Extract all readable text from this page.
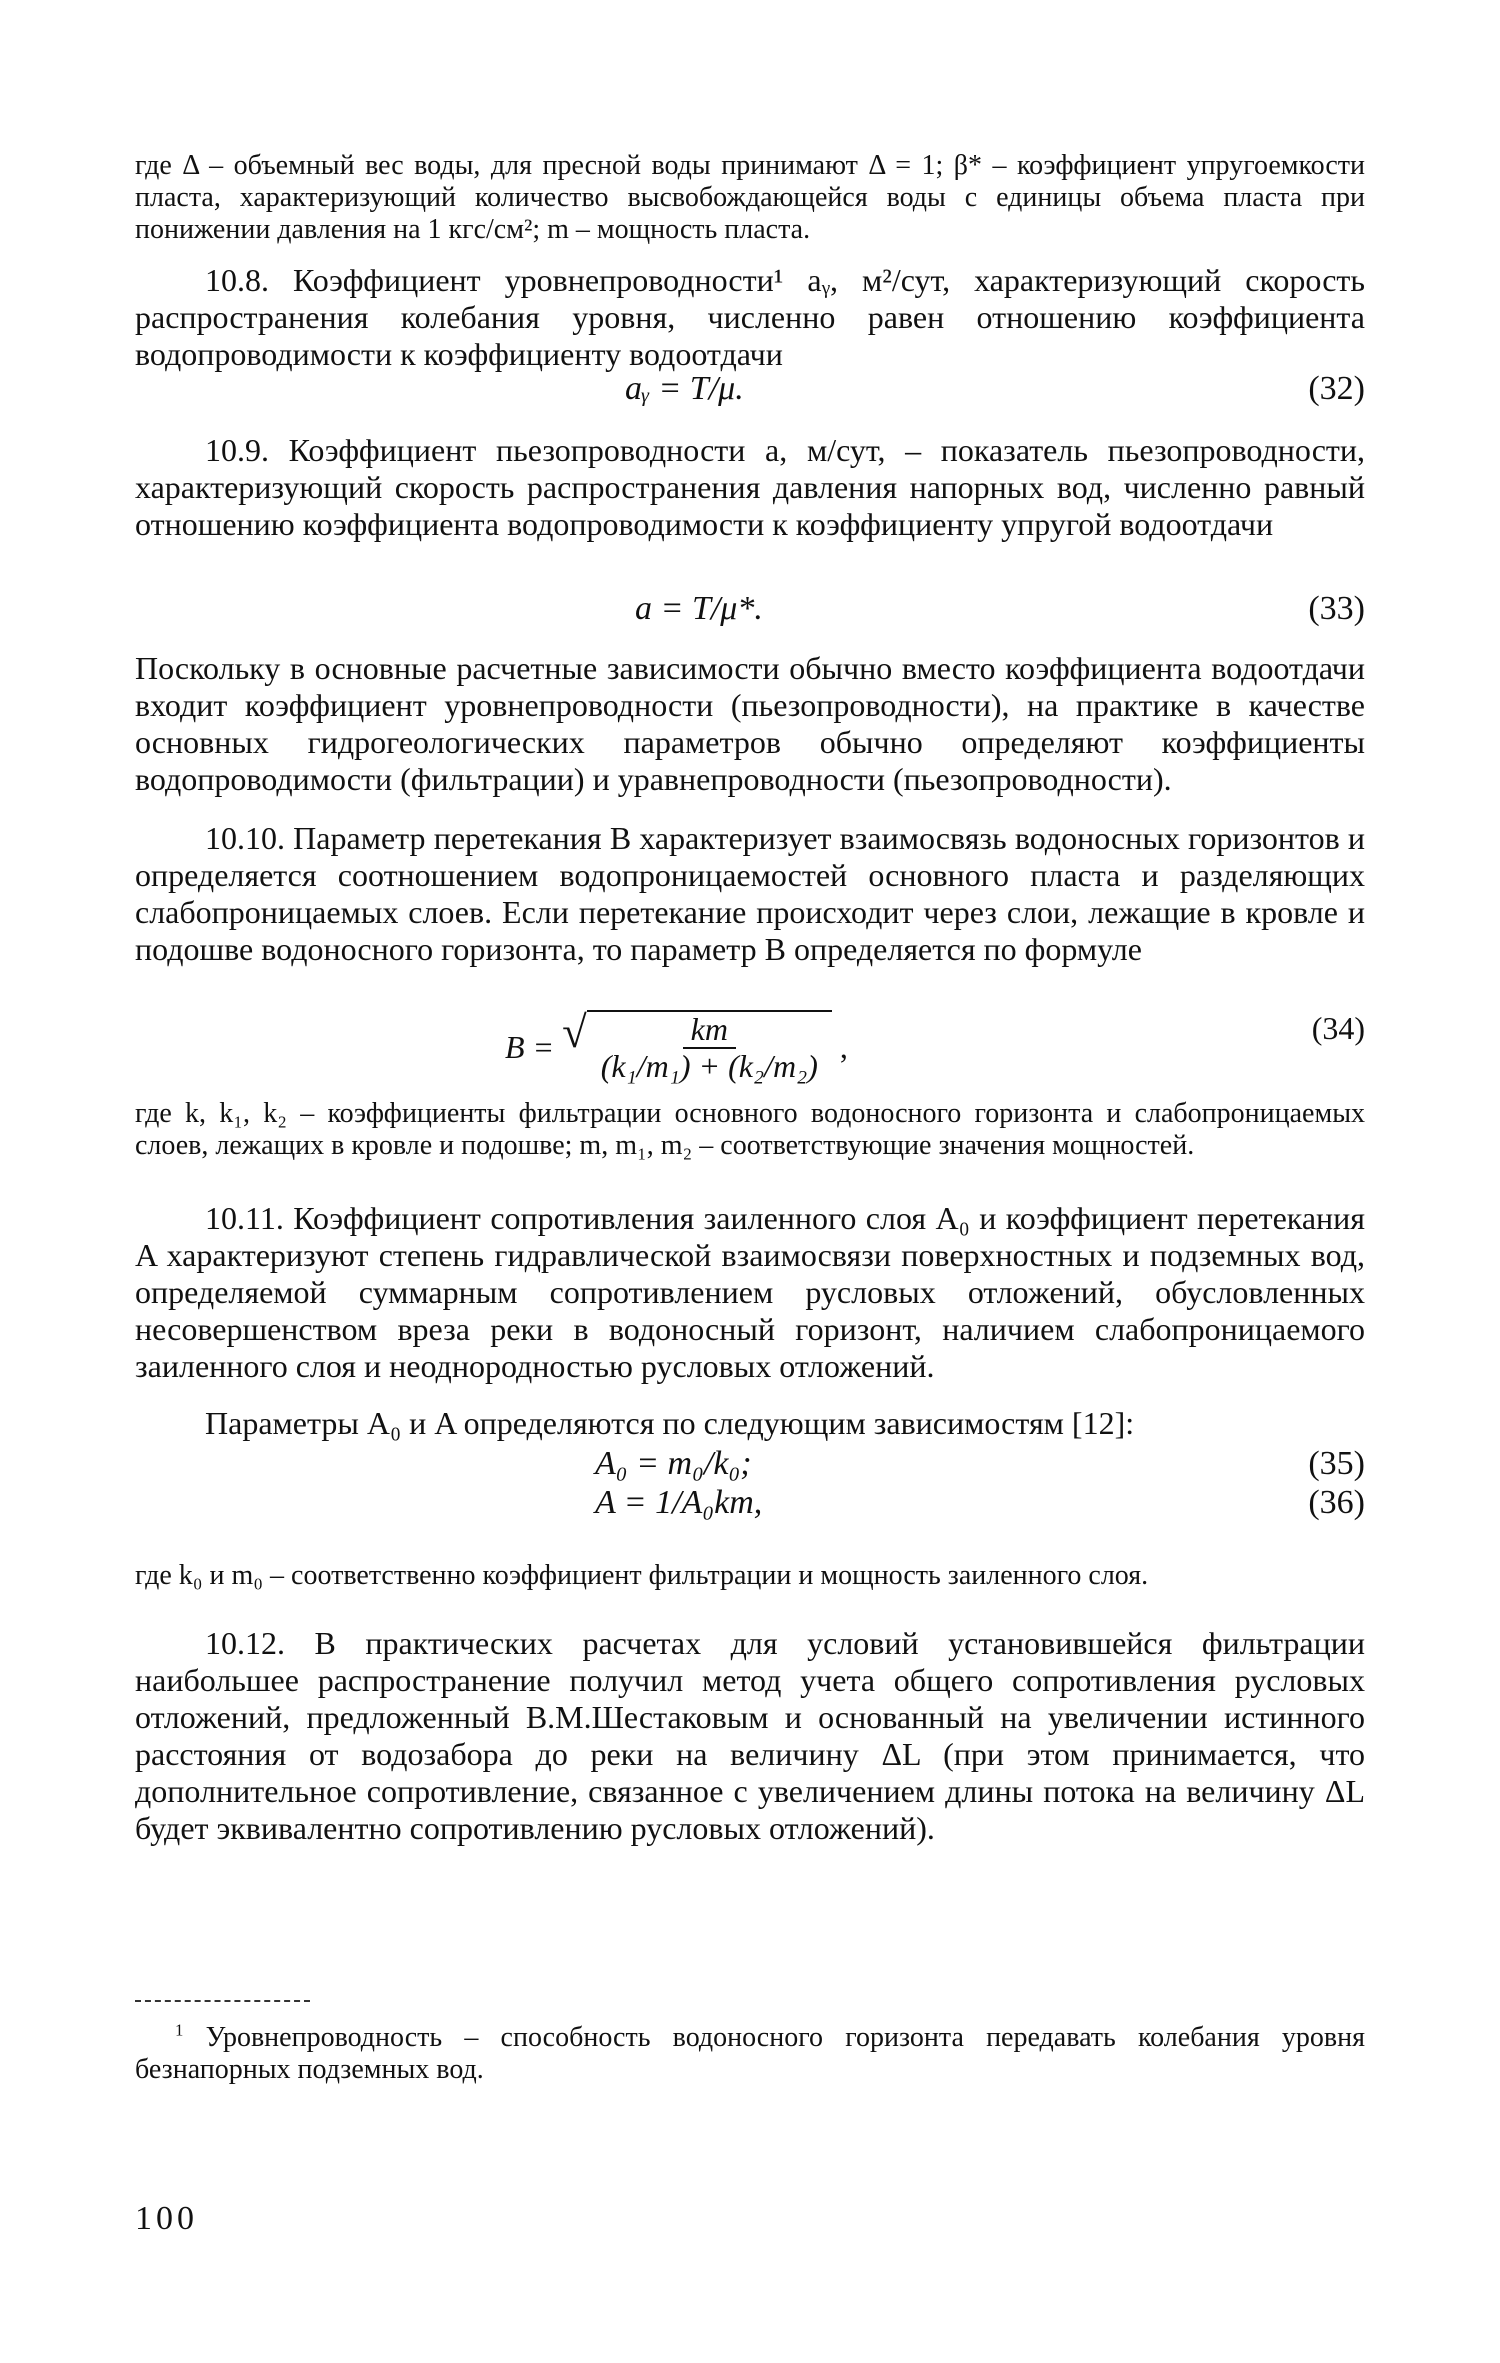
где Δ – объемный вес воды, для пресной воды принимают Δ = 1; β* – коэффициент упругоемкости пласта, характеризующий количество высвобождающейся воды с единицы объема пласта при понижении давления на 1 кгс/см²; m – мощность пласта.

10.8. Коэффициент уровнепроводности¹ aᵧ, м²/сут, характеризующий скорость распространения колебания уровня, численно равен отношению коэффициента водопроводимости к коэффициенту водоотдачи

aᵧ = T/μ.	(32)

10.9. Коэффициент пьезопроводности a, м/сут, – показатель пьезопроводности, характеризующий скорость распространения давления напорных вод, численно равный отношению коэффициента водопроводимости к коэффициенту упругой водоотдачи

a = T/μ*.	(33)

Поскольку в основные расчетные зависимости обычно вместо коэффициента водоотдачи входит коэффициент уровнепроводности (пьезопроводности), на практике в качестве основных гидрогеологических параметров обычно определяют коэффициенты водопроводимости (фильтрации) и уравнепроводности (пьезопроводности).

10.10. Параметр перетекания B характеризует взаимосвязь водоносных горизонтов и определяется соотношением водопроницаемостей основного пласта и разделяющих слабопроницаемых слоев. Если перетекание происходит через слои, лежащие в кровле и подошве водоносного горизонта, то параметр B определяется по формуле

B = √ $\frac{km}{\text{(k₁/m₁) + (k₂/m₂)}}$ ,
(34)

где k, k₁, k₂ – коэффициенты фильтрации основного водоносного горизонта и слабопроницаемых слоев, лежащих в кровле и подошве; m, m₁, m₂ – соответствующие значения мощностей.

10.11. Коэффициент сопротивления заиленного слоя A₀ и коэффициент перетекания A характеризуют степень гидравлической взаимосвязи поверхностных и подземных вод, определяемой суммарным сопротивлением русловых отложений, обусловленных несовершенством вреза реки в водоносный горизонт, наличием слабопроницаемого заиленного слоя и неоднородностью русловых отложений.

Параметры A₀ и A определяются по следующим зависимостям [12]:

A₀ = m₀/k₀;	(35)
A = 1/A₀km,	(36)

где k₀ и m₀ – соответственно коэффициент фильтрации и мощность заиленного слоя.

10.12. В практических расчетах для условий установившейся фильтрации наибольшее распространение получил метод учета общего сопротивления русловых отложений, предложенный В.М.Шестаковым и основанный на увеличении истинного расстояния от водозабора до реки на величину ΔL (при этом принимается, что дополнительное сопротивление, связанное с увеличением длины потока на величину ΔL будет эквивалентно сопротивлению русловых отложений).

$^1$ Уровнепроводность – способность водоносного горизонта передавать колебания уровня безнапорных подземных вод.

100
